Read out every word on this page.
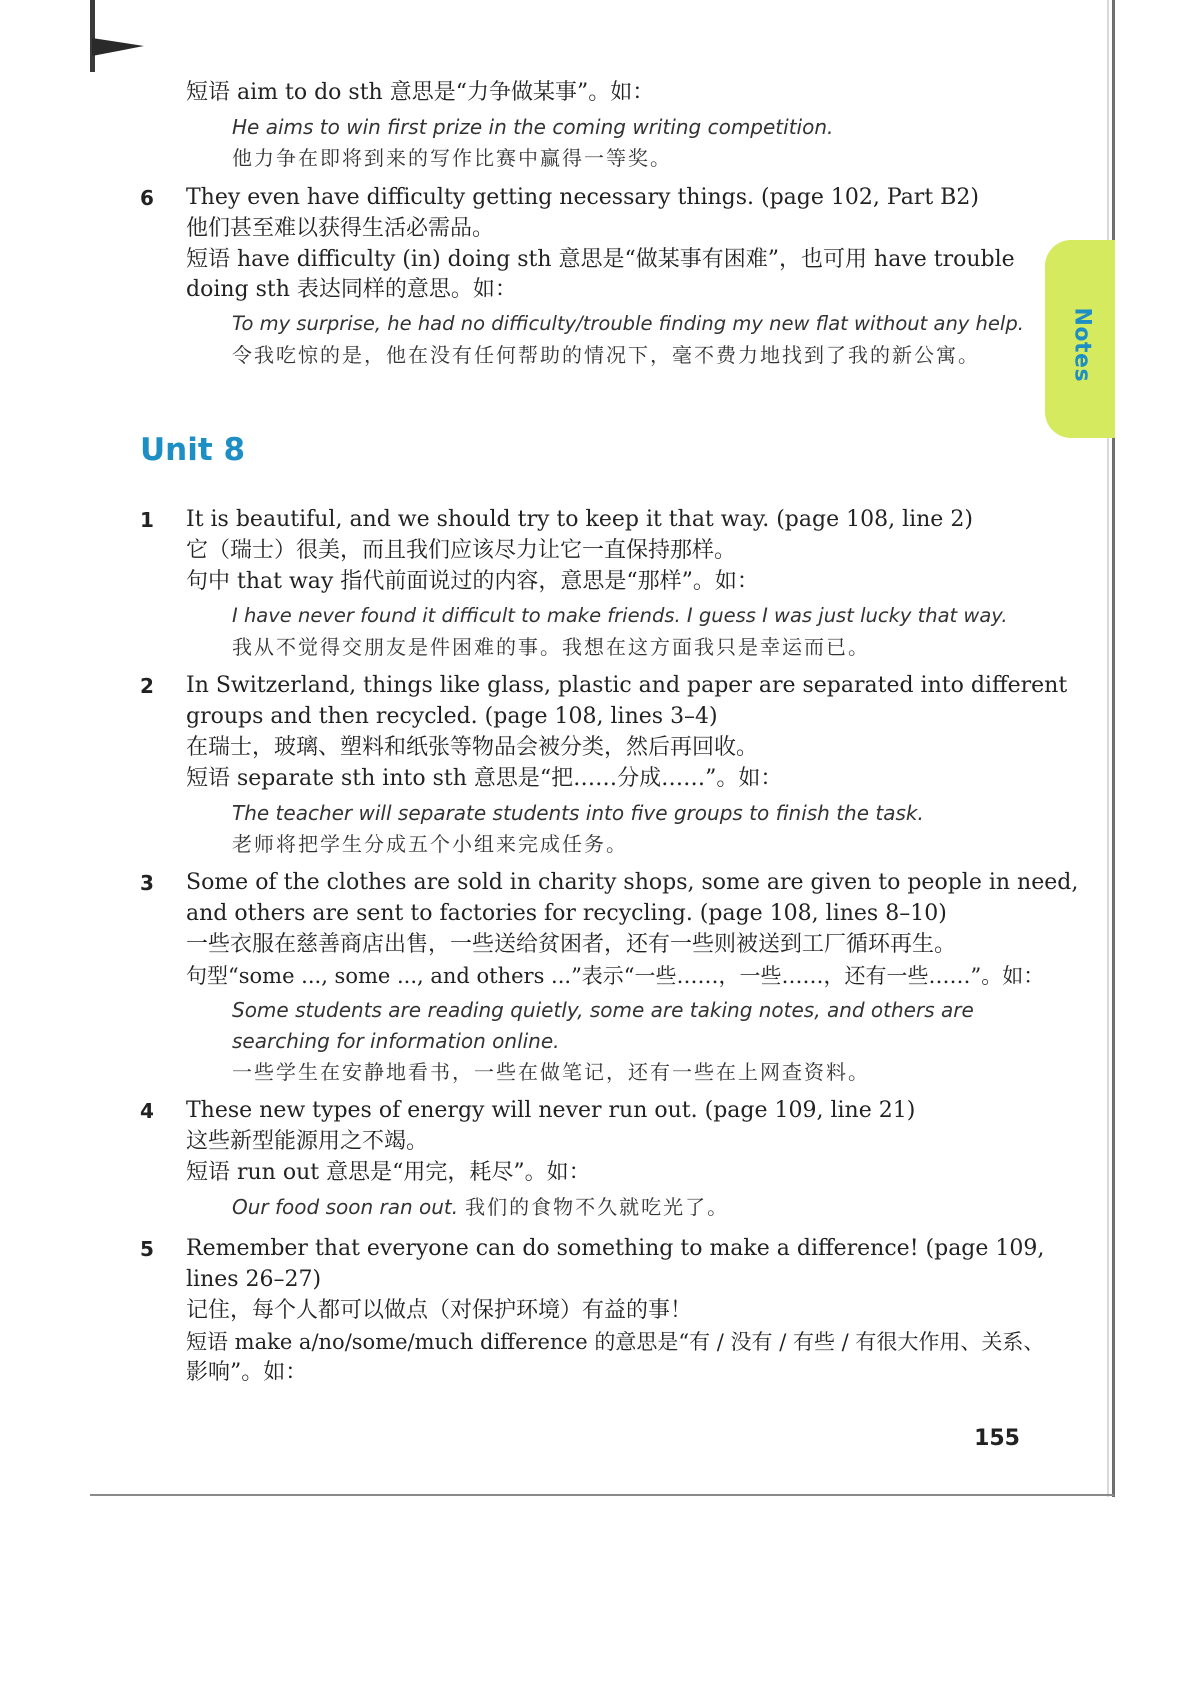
Notes
短语 aim to do sth 意思是“力争做某事”。如：
He aims to win first prize in the coming writing competition.
他力争在即将到来的写作比赛中赢得一等奖。
6 They even have difficulty getting necessary things. (page 102, Part B2)
他们甚至难以获得生活必需品。
短语 have difficulty (in) doing sth 意思是“做某事有困难”，也可用 have trouble
doing sth 表达同样的意思。如：
To my surprise, he had no difficulty/trouble finding my new flat without any help.
令我吃惊的是，他在没有任何帮助的情况下，毫不费力地找到了我的新公寓。
Unit 8
1 It is beautiful, and we should try to keep it that way. (page 108, line 2)
它（瑞士）很美，而且我们应该尽力让它一直保持那样。
句中 that way 指代前面说过的内容，意思是“那样”。如：
I have never found it difficult to make friends. I guess I was just lucky that way.
我从不觉得交朋友是件困难的事。我想在这方面我只是幸运而已。
2 In Switzerland, things like glass, plastic and paper are separated into different
groups and then recycled. (page 108, lines 3–4)
在瑞士，玻璃、塑料和纸张等物品会被分类，然后再回收。
短语 separate sth into sth 意思是“把……分成……”。如：
The teacher will separate students into five groups to finish the task.
老师将把学生分成五个小组来完成任务。
3 Some of the clothes are sold in charity shops, some are given to people in need,
and others are sent to factories for recycling. (page 108, lines 8–10)
一些衣服在慈善商店出售，一些送给贫困者，还有一些则被送到工厂循环再生。
句型“some ..., some ..., and others ...”表示“一些……，一些……，还有一些……”。如：
Some students are reading quietly, some are taking notes, and others are
searching for information online.
一些学生在安静地看书，一些在做笔记，还有一些在上网查资料。
4 These new types of energy will never run out. (page 109, line 21)
这些新型能源用之不竭。
短语 run out 意思是“用完，耗尽”。如：
Our food soon ran out. 我们的食物不久就吃光了。
5 Remember that everyone can do something to make a difference! (page 109,
lines 26–27)
记住，每个人都可以做点（对保护环境）有益的事！
短语 make a/no/some/much difference 的意思是“有 / 没有 / 有些 / 有很大作用、关系、
影响”。如：
155
